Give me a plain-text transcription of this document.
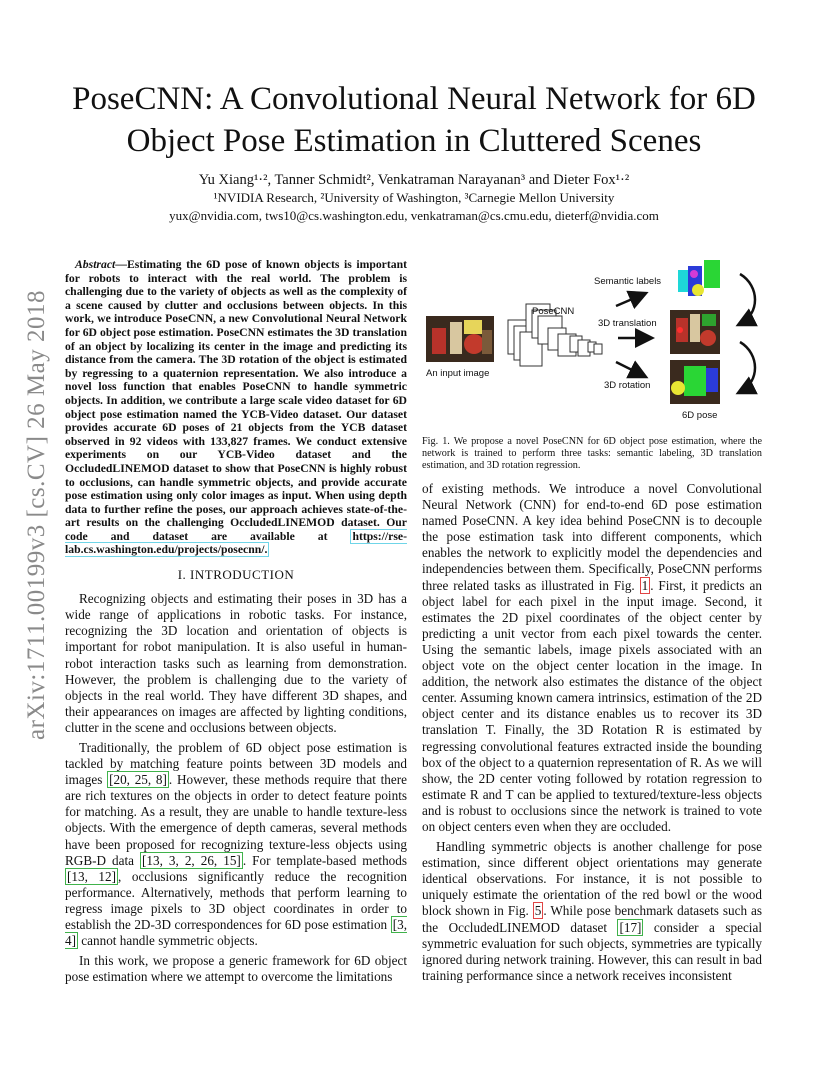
arXiv:1711.00199v3 [cs.CV] 26 May 2018
PoseCNN: A Convolutional Neural Network for 6D Object Pose Estimation in Cluttered Scenes

Yu Xiang¹·², Tanner Schmidt², Venkatraman Narayanan³ and Dieter Fox¹·²

¹NVIDIA Research, ²University of Washington, ³Carnegie Mellon University

yux@nvidia.com, tws10@cs.washington.edu, venkatraman@cs.cmu.edu, dieterf@nvidia.com

Abstract—Estimating the 6D pose of known objects is important for robots to interact with the real world. The problem is challenging due to the variety of objects as well as the complexity of a scene caused by clutter and occlusions between objects. In this work, we introduce PoseCNN, a new Convolutional Neural Network for 6D object pose estimation. PoseCNN estimates the 3D translation of an object by localizing its center in the image and predicting its distance from the camera. The 3D rotation of the object is estimated by regressing to a quaternion representation. We also introduce a novel loss function that enables PoseCNN to handle symmetric objects. In addition, we contribute a large scale video dataset for 6D object pose estimation named the YCB-Video dataset. Our dataset provides accurate 6D poses of 21 objects from the YCB dataset observed in 92 videos with 133,827 frames. We conduct extensive experiments on our YCB-Video dataset and the OccludedLINEMOD dataset to show that PoseCNN is highly robust to occlusions, can handle symmetric objects, and provide accurate pose estimation using only color images as input. When using depth data to further refine the poses, our approach achieves state-of-the-art results on the challenging OccludedLINEMOD dataset. Our code and dataset are available at https://rse-lab.cs.washington.edu/projects/posecnn/.

I. INTRODUCTION

Recognizing objects and estimating their poses in 3D has a wide range of applications in robotic tasks. For instance, recognizing the 3D location and orientation of objects is important for robot manipulation. It is also useful in human-robot interaction tasks such as learning from demonstration. However, the problem is challenging due to the variety of objects in the real world. They have different 3D shapes, and their appearances on images are affected by lighting conditions, clutter in the scene and occlusions between objects.

Traditionally, the problem of 6D object pose estimation is tackled by matching feature points between 3D models and images [20, 25, 8] . However, these methods require that there are rich textures on the objects in order to detect feature points for matching. As a result, they are unable to handle texture-less objects. With the emergence of depth cameras, several methods have been proposed for recognizing texture-less objects using RGB-D data [13, 3, 2, 26, 15] . For template-based methods [13, 12] , occlusions significantly reduce the recognition performance. Alternatively, methods that perform learning to regress image pixels to 3D object coordinates in order to establish the 2D-3D correspondences for 6D pose estimation [3, 4] cannot handle symmetric objects.

In this work, we propose a generic framework for 6D object pose estimation where we attempt to overcome the limitations

An input image
PoseCNN
Semantic labels
3D translation
3D rotation
6D pose

Fig. 1. We propose a novel PoseCNN for 6D object pose estimation, where the network is trained to perform three tasks: semantic labeling, 3D translation estimation, and 3D rotation regression.

of existing methods. We introduce a novel Convolutional Neural Network (CNN) for end-to-end 6D pose estimation named PoseCNN. A key idea behind PoseCNN is to decouple the pose estimation task into different components, which enables the network to explicitly model the dependencies and independencies between them. Specifically, PoseCNN performs three related tasks as illustrated in Fig. 1 . First, it predicts an object label for each pixel in the input image. Second, it estimates the 2D pixel coordinates of the object center by predicting a unit vector from each pixel towards the center. Using the semantic labels, image pixels associated with an object vote on the object center location in the image. In addition, the network also estimates the distance of the object center. Assuming known camera intrinsics, estimation of the 2D object center and its distance enables us to recover its 3D translation T. Finally, the 3D Rotation R is estimated by regressing convolutional features extracted inside the bounding box of the object to a quaternion representation of R. As we will show, the 2D center voting followed by rotation regression to estimate R and T can be applied to textured/texture-less objects and is robust to occlusions since the network is trained to vote on object centers even when they are occluded.

Handling symmetric objects is another challenge for pose estimation, since different object orientations may generate identical observations. For instance, it is not possible to uniquely estimate the orientation of the red bowl or the wood block shown in Fig. 5 . While pose benchmark datasets such as the OccludedLINEMOD dataset [17] consider a special symmetric evaluation for such objects, symmetries are typically ignored during network training. However, this can result in bad training performance since a network receives inconsistent
